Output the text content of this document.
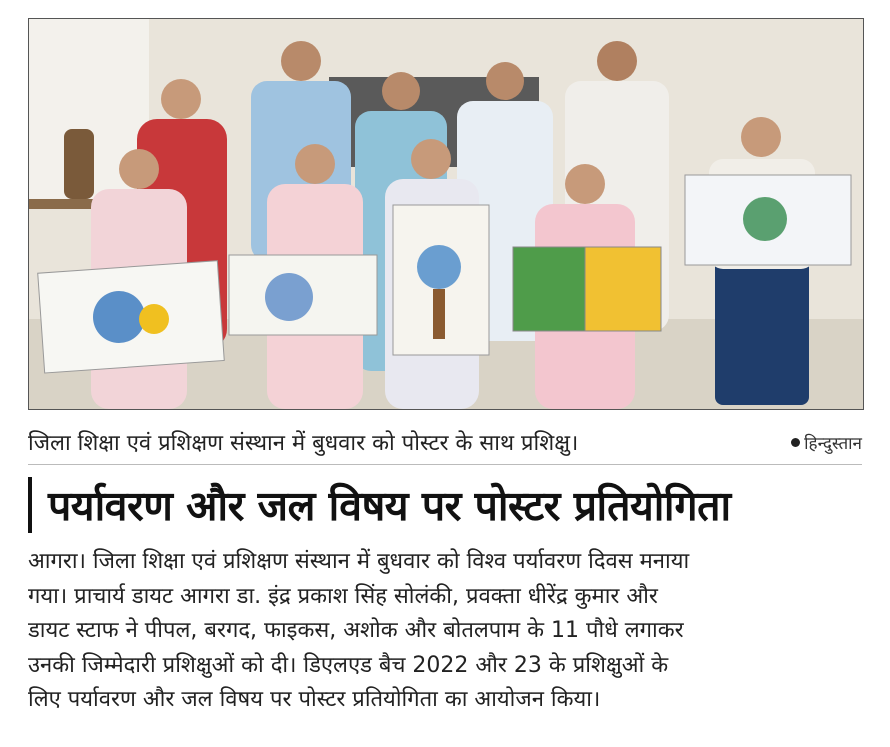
जिला शिक्षा एवं प्रशिक्षण संस्थान में बुधवार को पोस्टर के साथ प्रशिक्षु।	हिन्दुस्तान
पर्यावरण और जल विषय पर पोस्टर प्रतियोगिता
आगरा। जिला शिक्षा एवं प्रशिक्षण संस्थान में बुधवार को विश्व पर्यावरण दिवस मनाया
गया। प्राचार्य डायट आगरा डा. इंद्र प्रकाश सिंह सोलंकी, प्रवक्ता धीरेंद्र कुमार और
डायट स्टाफ ने पीपल, बरगद, फाइकस, अशोक और बोतलपाम के 11 पौधे लगाकर
उनकी जिम्मेदारी प्रशिक्षुओं को दी। डिएलएड बैच 2022 और 23 के प्रशिक्षुओं के
लिए पर्यावरण और जल विषय पर पोस्टर प्रतियोगिता का आयोजन किया।
